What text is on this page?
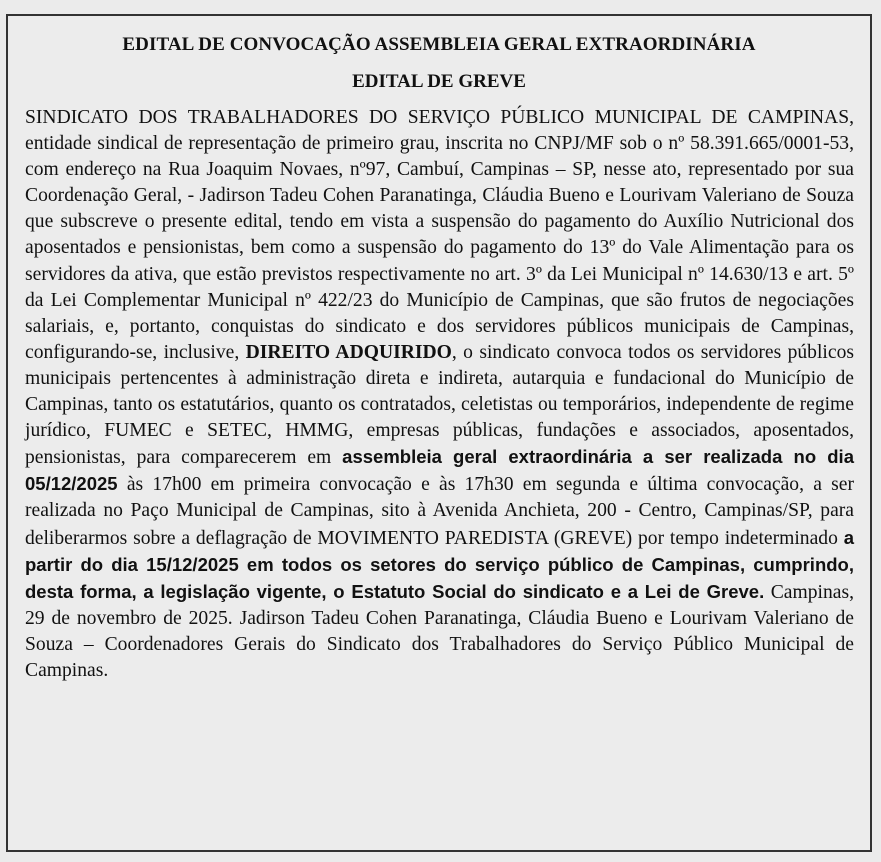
EDITAL DE CONVOCAÇÃO ASSEMBLEIA GERAL EXTRAORDINÁRIA
EDITAL DE GREVE
SINDICATO DOS TRABALHADORES DO SERVIÇO PÚBLICO MUNICIPAL DE CAMPINAS, entidade sindical de representação de primeiro grau, inscrita no CNPJ/MF sob o nº 58.391.665/0001-53, com endereço na Rua Joaquim Novaes, nº97, Cambuí, Campinas – SP, nesse ato, representado por sua Coordenação Geral, - Jadirson Tadeu Cohen Paranatinga, Cláudia Bueno e Lourivam Valeriano de Souza que subscreve o presente edital, tendo em vista a suspensão do pagamento do Auxílio Nutricional dos aposentados e pensionistas, bem como a suspensão do pagamento do 13º do Vale Alimentação para os servidores da ativa, que estão previstos respectivamente no art. 3º da Lei Municipal nº 14.630/13 e art. 5º da Lei Complementar Municipal nº 422/23 do Município de Campinas, que são frutos de negociações salariais, e, portanto, conquistas do sindicato e dos servidores públicos municipais de Campinas, configurando-se, inclusive, DIREITO ADQUIRIDO, o sindicato convoca todos os servidores públicos municipais pertencentes à administração direta e indireta, autarquia e fundacional do Município de Campinas, tanto os estatutários, quanto os contratados, celetistas ou temporários, independente de regime jurídico, FUMEC e SETEC, HMMG, empresas públicas, fundações e associados, aposentados, pensionistas, para comparecerem em assembleia geral extraordinária a ser realizada no dia 05/12/2025 às 17h00 em primeira convocação e às 17h30 em segunda e última convocação, a ser realizada no Paço Municipal de Campinas, sito à Avenida Anchieta, 200 - Centro, Campinas/SP, para deliberarmos sobre a deflagração de MOVIMENTO PAREDISTA (GREVE) por tempo indeterminado a partir do dia 15/12/2025 em todos os setores do serviço público de Campinas, cumprindo, desta forma, a legislação vigente, o Estatuto Social do sindicato e a Lei de Greve. Campinas, 29 de novembro de 2025. Jadirson Tadeu Cohen Paranatinga, Cláudia Bueno e Lourivam Valeriano de Souza – Coordenadores Gerais do Sindicato dos Trabalhadores do Serviço Público Municipal de Campinas.
